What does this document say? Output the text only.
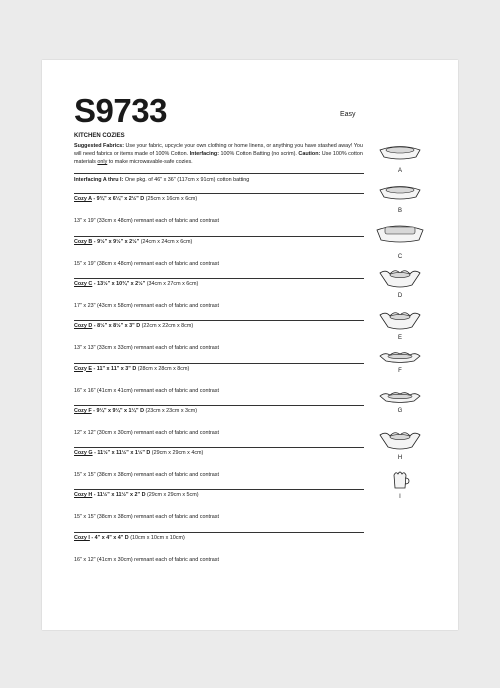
S9733	Easy
KITCHEN COZIES

Suggested Fabrics: Use your fabric, upcycle your own clothing or home linens, or anything you have stashed away! You will need fabrics or items made of 100% Cotton. Interfacing: 100% Cotton Batting (no scrim). Caution: Use 100% cotton materials only to make microwavable-safe cozies.

Interfacing A thru I: One pkg. of 46" x 36" (117cm x 91cm) cotton batting
Cozy A - 9¾" x 6¼" x 2½" D (25cm x 16cm x 6cm)
13" x 19" (33cm x 48cm) remnant each of fabric and contrast
Cozy B - 9½" x 9½" x 2½" (24cm x 24cm x 6cm)
15" x 19" (38cm x 48cm) remnant each of fabric and contrast
Cozy C - 13½" x 10¾" x 2½" (34cm x 27cm x 6cm)
17" x 23" (43cm x 58cm) remnant each of fabric and contrast
Cozy D - 8½" x 8½" x 3" D (22cm x 22cm x 8cm)
13" x 13" (33cm x 33cm) remnant each of fabric and contrast
Cozy E - 11" x 11" x 3" D (28cm x 28cm x 8cm)
16" x 16" (41cm x 41cm) remnant each of fabric and contrast
Cozy F - 9¼" x 9¼" x 1¼" D (23cm x 23cm x 3cm)
12" x 12" (30cm x 30cm) remnant each of fabric and contrast
Cozy G - 11½" x 11½" x 1½" D (29cm x 29cm x 4cm)
15" x 15" (38cm x 38cm) remnant each of fabric and contrast
Cozy H - 11½" x 11½" x 2" D (29cm x 29cm x 5cm)
15" x 15" (38cm x 38cm) remnant each of fabric and contrast
Cozy I - 4" x 4" x 4" D (10cm x 10cm x 10cm)
16" x 12" (41cm x 30cm) remnant each of fabric and contrast
A
B
C
D
E
F
G
H
I
